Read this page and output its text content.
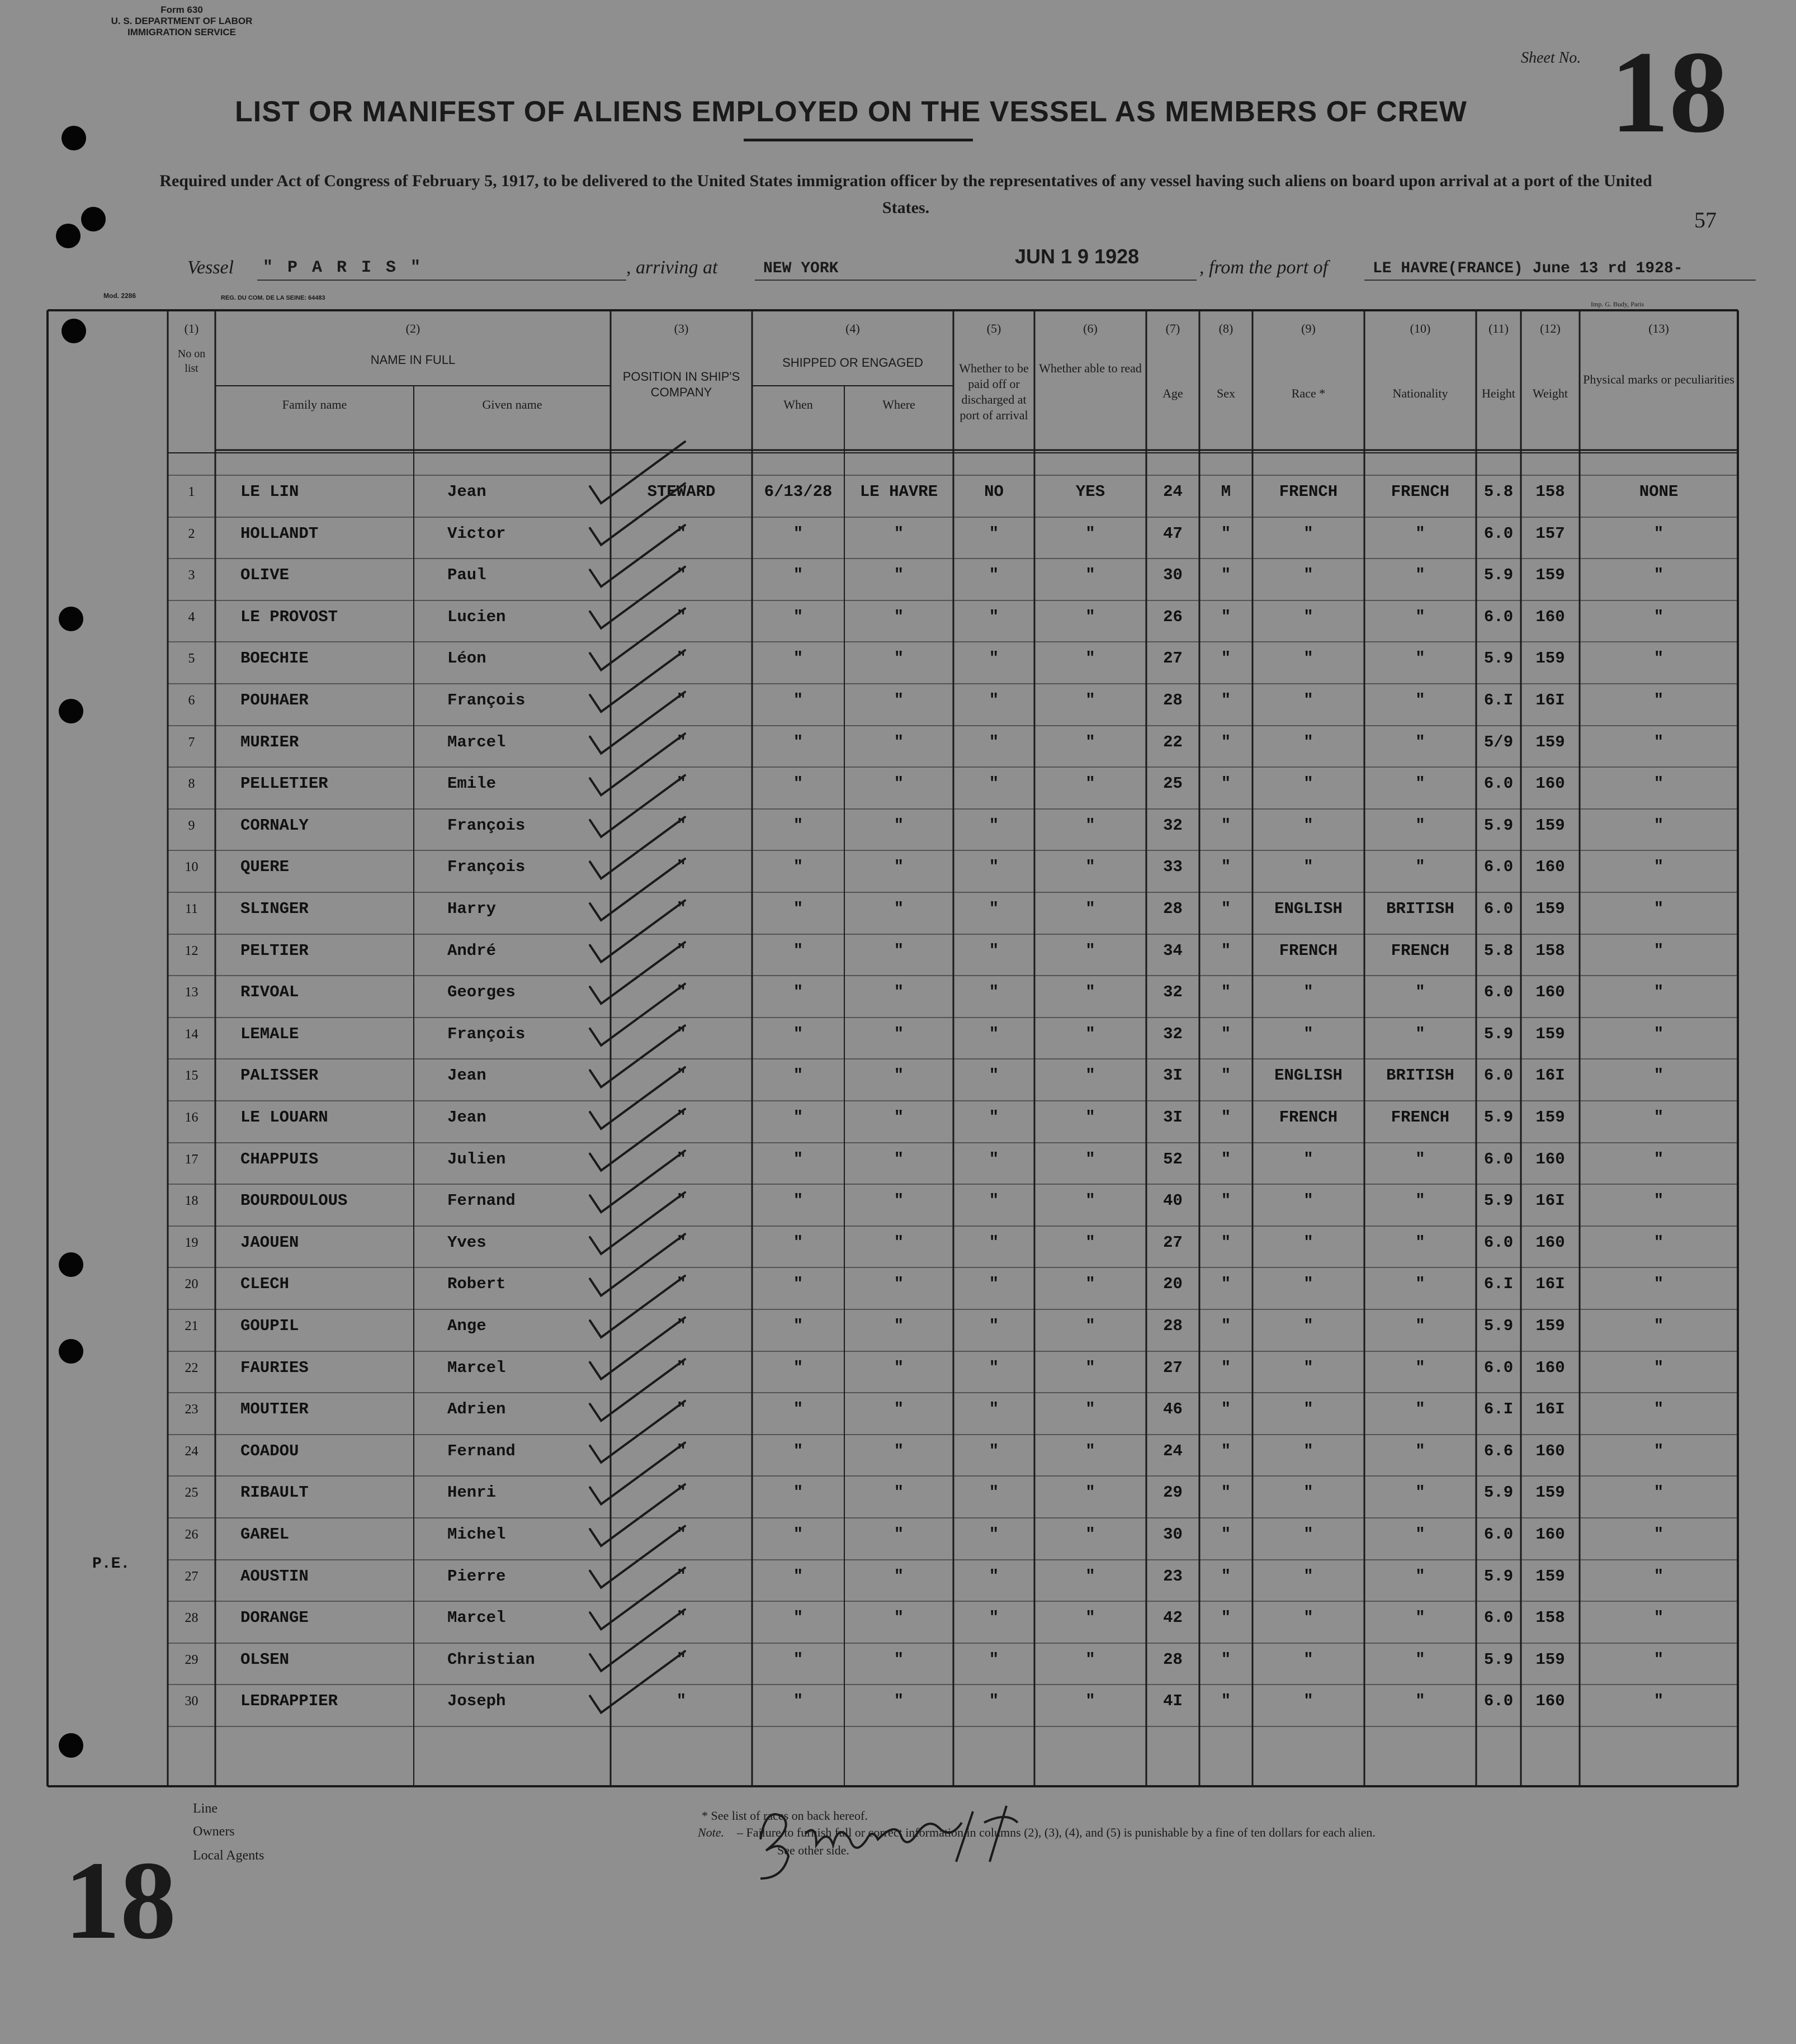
Form 630
U. S. DEPARTMENT OF LABOR
IMMIGRATION SERVICE
Sheet No. 18
LIST OR MANIFEST OF ALIENS EMPLOYED ON THE VESSEL AS MEMBERS OF CREW
Required under Act of Congress of February 5, 1917, to be delivered to the United States immigration officer by the representatives of any vessel having such aliens on board upon arrival at a port of the United States.	57
Vessel " P A R I S "	, arriving at	NEW YORK
JUN 1 9 1928	, from the port of	LE HAVRE(FRANCE) June 13 rd 1928-
Mod. 2286	REG. DU COM. DE LA SEINE: 64483
Imp. G. Budy, Paris
(1)
No on list
(2)
NAME IN FULL
Family name	Given name
(3)
POSITION IN SHIP'S COMPANY
(4)
SHIPPED OR ENGAGED
When	Where
(5)
Whether to be paid off or discharged at port of arrival
(6)
Whether able to read
(7)
Age
(8)
Sex
(9)
Race *
(10)
Nationality
(11)
Height
(12)
Weight
(13)
Physical marks or peculiarities
1	LE LIN	Jean	STEWARD	6/13/28	LE HAVRE	NO	YES	24	M	FRENCH	FRENCH	5.8	158	NONE
2	HOLLANDT	Victor	"	"	"	"	"	47	"	"	"	6.0	157	"
3	OLIVE	Paul	"	"	"	"	"	30	"	"	"	5.9	159	"
4	LE PROVOST	Lucien	"	"	"	"	"	26	"	"	"	6.0	160	"
5	BOECHIE	Léon	"	"	"	"	"	27	"	"	"	5.9	159	"
6	POUHAER	François	"	"	"	"	"	28	"	"	"	6.I	16I	"
7	MURIER	Marcel	"	"	"	"	"	22	"	"	"	5/9	159	"
8	PELLETIER	Emile	"	"	"	"	"	25	"	"	"	6.0	160	"
9	CORNALY	François	"	"	"	"	"	32	"	"	"	5.9	159	"
10	QUERE	François	"	"	"	"	"	33	"	"	"	6.0	160	"
11	SLINGER	Harry	"	"	"	"	"	28	"	ENGLISH	BRITISH	6.0	159	"
12	PELTIER	André	"	"	"	"	"	34	"	FRENCH	FRENCH	5.8	158	"
13	RIVOAL	Georges	"	"	"	"	"	32	"	"	"	6.0	160	"
14	LEMALE	François	"	"	"	"	"	32	"	"	"	5.9	159	"
15	PALISSER	Jean	"	"	"	"	"	3I	"	ENGLISH	BRITISH	6.0	16I	"
16	LE LOUARN	Jean	"	"	"	"	"	3I	"	FRENCH	FRENCH	5.9	159	"
17	CHAPPUIS	Julien	"	"	"	"	"	52	"	"	"	6.0	160	"
18	BOURDOULOUS	Fernand	"	"	"	"	"	40	"	"	"	5.9	16I	"
19	JAOUEN	Yves	"	"	"	"	"	27	"	"	"	6.0	160	"
20	CLECH	Robert	"	"	"	"	"	20	"	"	"	6.I	16I	"
21	GOUPIL	Ange	"	"	"	"	"	28	"	"	"	5.9	159	"
22	FAURIES	Marcel	"	"	"	"	"	27	"	"	"	6.0	160	"
23	MOUTIER	Adrien	"	"	"	"	"	46	"	"	"	6.I	16I	"
24	COADOU	Fernand	"	"	"	"	"	24	"	"	"	6.6	160	"
25	RIBAULT	Henri	"	"	"	"	"	29	"	"	"	5.9	159	"
26	GAREL	Michel	"	"	"	"	"	30	"	"	"	6.0	160	"
27	AOUSTIN	Pierre	"	"	"	"	"	23	"	"	"	5.9	159	"
28	DORANGE	Marcel	"	"	"	"	"	42	"	"	"	6.0	158	"
29	OLSEN	Christian	"	"	"	"	"	28	"	"	"	5.9	159	"
30	LEDRAPPIER	Joseph	"	"	"	"	"	4I	"	"	"	6.0	160	"
P.E.
Line
Owners
Local Agents
* See list of races on back hereof.
Note. – Failure to furnish full or correct information in columns (2), (3), (4), and (5) is punishable by a fine of ten dollars for each alien.
See other side.
18
